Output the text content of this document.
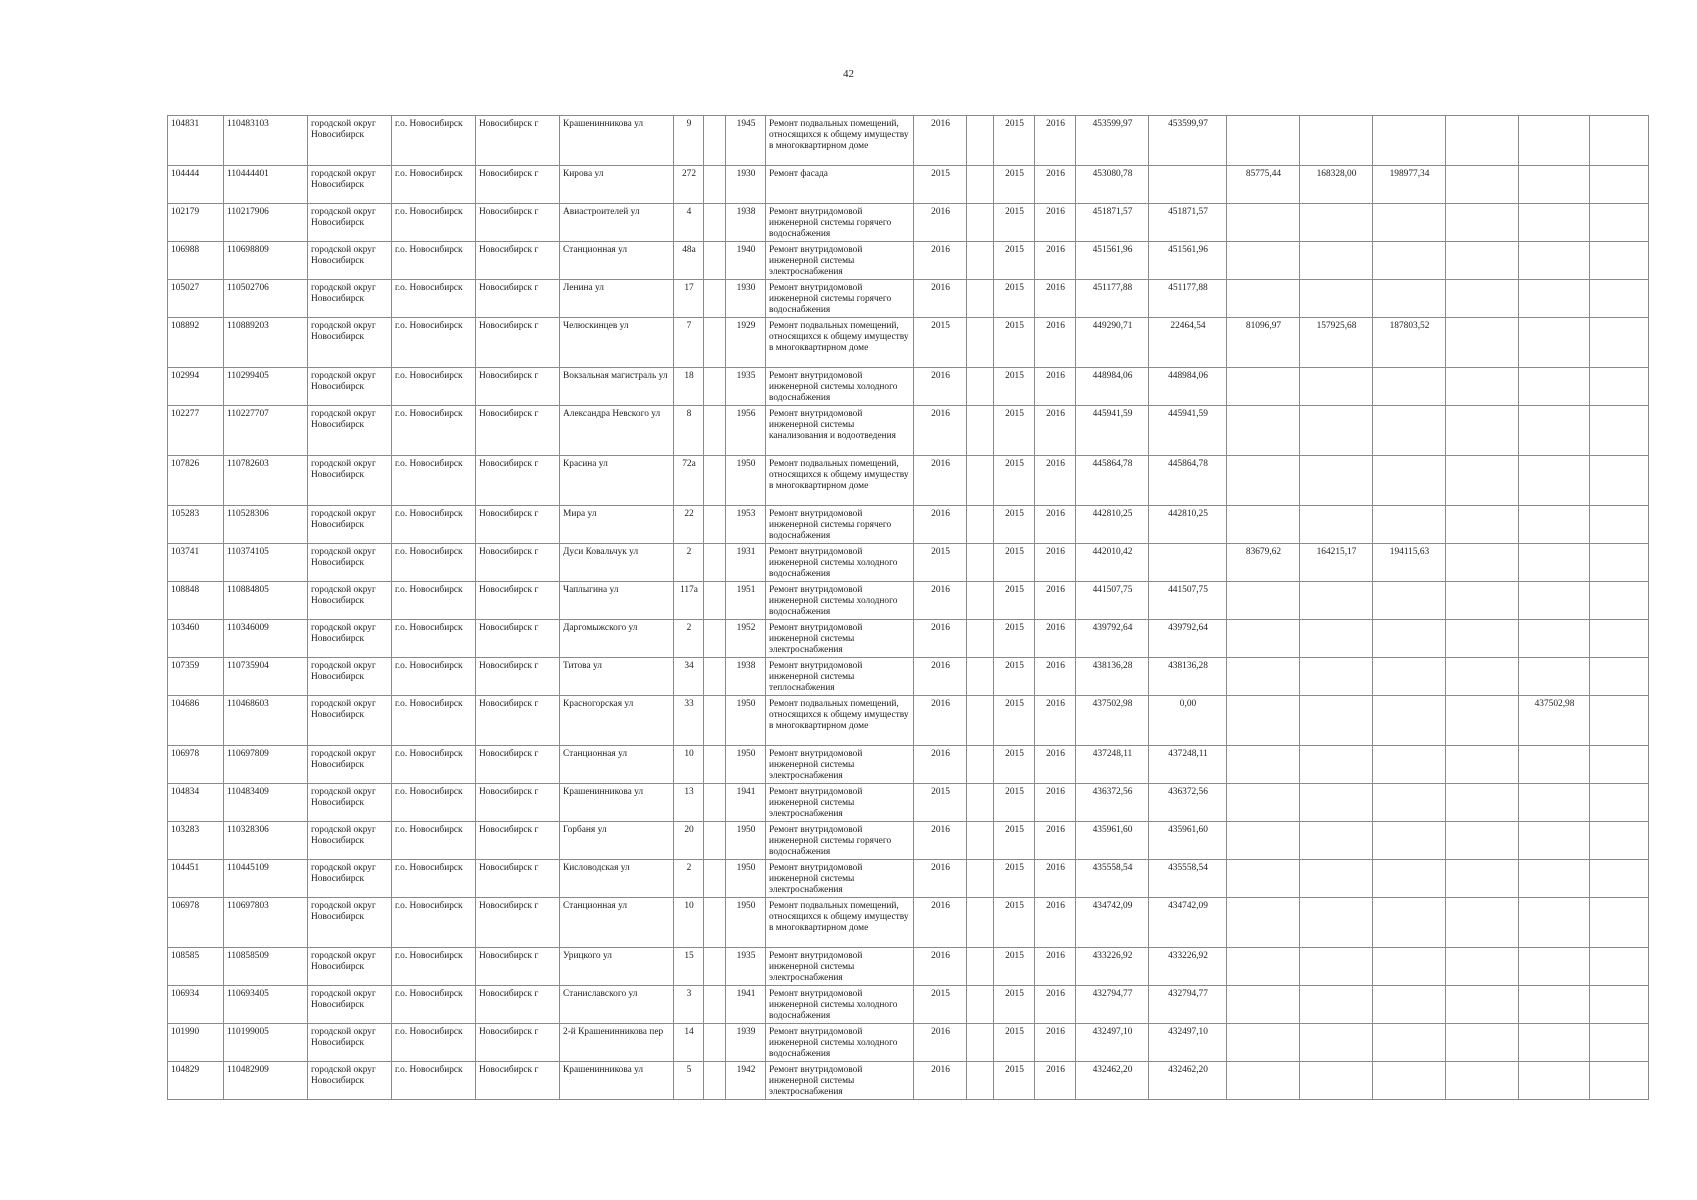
42
104831	110483103	городской округ Новосибирск	г.о. Новосибирск	Новосибирск г	Крашенинникова ул	9		1945	Ремонт подвальных помещений, относящихся к общему имуществу в многоквартирном доме	2016		2015	2016	453599,97	453599,97						
104444	110444401	городской округ Новосибирск	г.о. Новосибирск	Новосибирск г	Кирова ул	272		1930	Ремонт фасада	2015		2015	2016	453080,78		85775,44	168328,00	198977,34			
102179	110217906	городской округ Новосибирск	г.о. Новосибирск	Новосибирск г	Авиастроителей ул	4		1938	Ремонт внутридомовой инженерной системы горячего водоснабжения	2016		2015	2016	451871,57	451871,57						
106988	110698809	городской округ Новосибирск	г.о. Новосибирск	Новосибирск г	Станционная ул	48а		1940	Ремонт внутридомовой инженерной системы электроснабжения	2016		2015	2016	451561,96	451561,96						
105027	110502706	городской округ Новосибирск	г.о. Новосибирск	Новосибирск г	Ленина ул	17		1930	Ремонт внутридомовой инженерной системы горячего водоснабжения	2016		2015	2016	451177,88	451177,88						
108892	110889203	городской округ Новосибирск	г.о. Новосибирск	Новосибирск г	Челюскинцев ул	7		1929	Ремонт подвальных помещений, относящихся к общему имуществу в многоквартирном доме	2015		2015	2016	449290,71	22464,54	81096,97	157925,68	187803,52			
102994	110299405	городской округ Новосибирск	г.о. Новосибирск	Новосибирск г	Вокзальная магистраль ул	18		1935	Ремонт внутридомовой инженерной системы холодного водоснабжения	2016		2015	2016	448984,06	448984,06						
102277	110227707	городской округ Новосибирск	г.о. Новосибирск	Новосибирск г	Александра Невского ул	8		1956	Ремонт внутридомовой инженерной системы канализования и водоотведения	2016		2015	2016	445941,59	445941,59						
107826	110782603	городской округ Новосибирск	г.о. Новосибирск	Новосибирск г	Красина ул	72а		1950	Ремонт подвальных помещений, относящихся к общему имуществу в многоквартирном доме	2016		2015	2016	445864,78	445864,78						
105283	110528306	городской округ Новосибирск	г.о. Новосибирск	Новосибирск г	Мира ул	22		1953	Ремонт внутридомовой инженерной системы горячего водоснабжения	2016		2015	2016	442810,25	442810,25						
103741	110374105	городской округ Новосибирск	г.о. Новосибирск	Новосибирск г	Дуси Ковальчук ул	2		1931	Ремонт внутридомовой инженерной системы холодного водоснабжения	2015		2015	2016	442010,42		83679,62	164215,17	194115,63			
108848	110884805	городской округ Новосибирск	г.о. Новосибирск	Новосибирск г	Чаплыгина ул	117а		1951	Ремонт внутридомовой инженерной системы холодного водоснабжения	2016		2015	2016	441507,75	441507,75						
103460	110346009	городской округ Новосибирск	г.о. Новосибирск	Новосибирск г	Даргомыжского ул	2		1952	Ремонт внутридомовой инженерной системы электроснабжения	2016		2015	2016	439792,64	439792,64						
107359	110735904	городской округ Новосибирск	г.о. Новосибирск	Новосибирск г	Титова ул	34		1938	Ремонт внутридомовой инженерной системы теплоснабжения	2016		2015	2016	438136,28	438136,28						
104686	110468603	городской округ Новосибирск	г.о. Новосибирск	Новосибирск г	Красногорская ул	33		1950	Ремонт подвальных помещений, относящихся к общему имуществу в многоквартирном доме	2016		2015	2016	437502,98	0,00					437502,98	
106978	110697809	городской округ Новосибирск	г.о. Новосибирск	Новосибирск г	Станционная ул	10		1950	Ремонт внутридомовой инженерной системы электроснабжения	2016		2015	2016	437248,11	437248,11						
104834	110483409	городской округ Новосибирск	г.о. Новосибирск	Новосибирск г	Крашенинникова ул	13		1941	Ремонт внутридомовой инженерной системы электроснабжения	2015		2015	2016	436372,56	436372,56						
103283	110328306	городской округ Новосибирск	г.о. Новосибирск	Новосибирск г	Горбаня ул	20		1950	Ремонт внутридомовой инженерной системы горячего водоснабжения	2016		2015	2016	435961,60	435961,60						
104451	110445109	городской округ Новосибирск	г.о. Новосибирск	Новосибирск г	Кисловодская ул	2		1950	Ремонт внутридомовой инженерной системы электроснабжения	2016		2015	2016	435558,54	435558,54						
106978	110697803	городской округ Новосибирск	г.о. Новосибирск	Новосибирск г	Станционная ул	10		1950	Ремонт подвальных помещений, относящихся к общему имуществу в многоквартирном доме	2016		2015	2016	434742,09	434742,09						
108585	110858509	городской округ Новосибирск	г.о. Новосибирск	Новосибирск г	Урицкого ул	15		1935	Ремонт внутридомовой инженерной системы электроснабжения	2016		2015	2016	433226,92	433226,92						
106934	110693405	городской округ Новосибирск	г.о. Новосибирск	Новосибирск г	Станиславского ул	3		1941	Ремонт внутридомовой инженерной системы холодного водоснабжения	2015		2015	2016	432794,77	432794,77						
101990	110199005	городской округ Новосибирск	г.о. Новосибирск	Новосибирск г	2-й Крашенинникова пер	14		1939	Ремонт внутридомовой инженерной системы холодного водоснабжения	2016		2015	2016	432497,10	432497,10						
104829	110482909	городской округ Новосибирск	г.о. Новосибирск	Новосибирск г	Крашенинникова ул	5		1942	Ремонт внутридомовой инженерной системы электроснабжения	2016		2015	2016	432462,20	432462,20						
